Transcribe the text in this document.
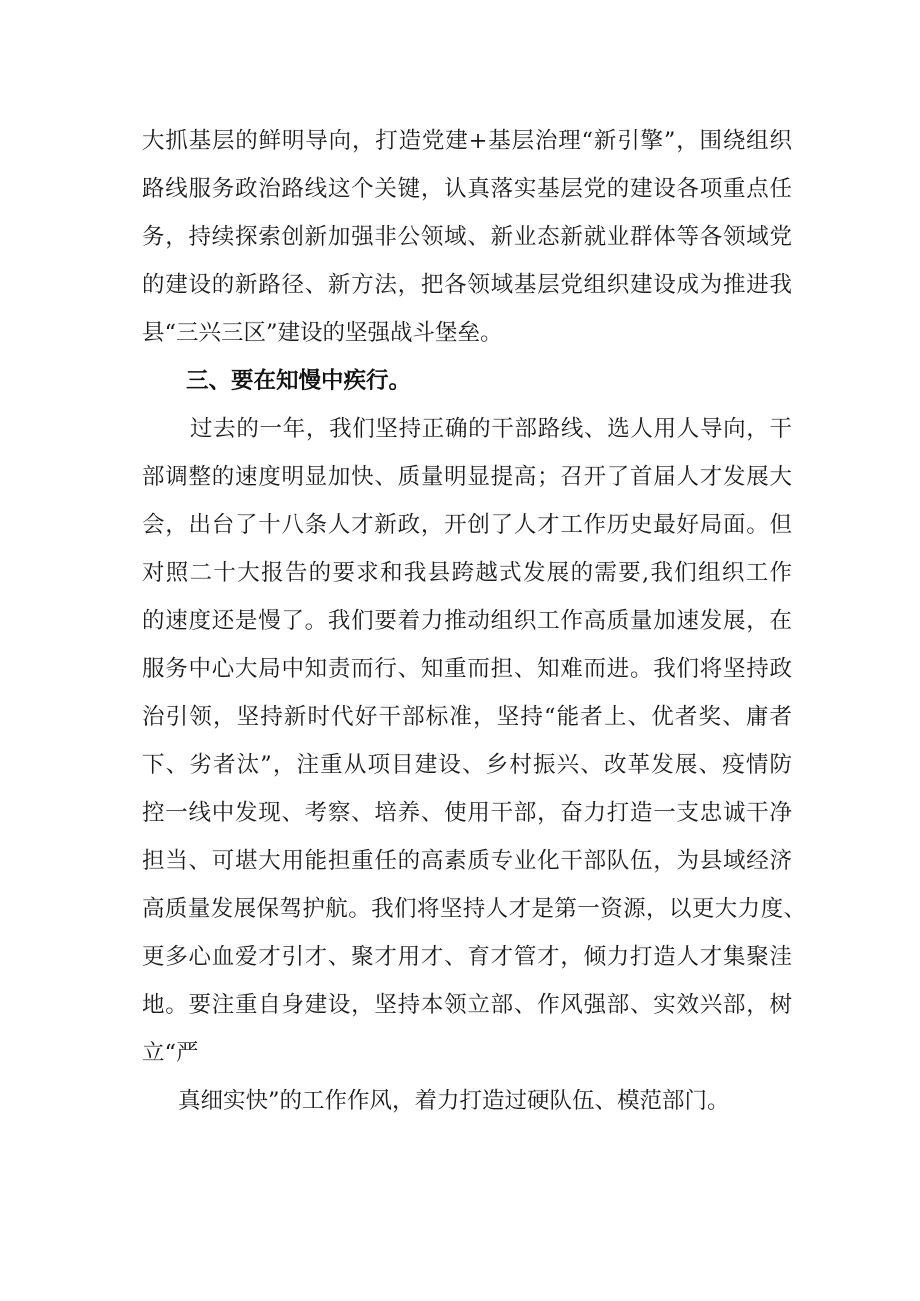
大抓基层的鲜明导向，打造党建+基层治理“新引擎”，围绕组织
路线服务政治路线这个关键，认真落实基层党的建设各项重点任
务，持续探索创新加强非公领域、新业态新就业群体等各领域党
的建设的新路径、新方法，把各领域基层党组织建设成为推进我
县“三兴三区”建设的坚强战斗堡垒。
三、要在知慢中疾行。
过去的一年，我们坚持正确的干部路线、选人用人导向，干
部调整的速度明显加快、质量明显提高；召开了首届人才发展大
会，出台了十八条人才新政，开创了人才工作历史最好局面。但
对照二十大报告的要求和我县跨越式发展的需要,我们组织工作
的速度还是慢了。我们要着力推动组织工作高质量加速发展，在
服务中心大局中知责而行、知重而担、知难而进。我们将坚持政
治引领，坚持新时代好干部标准，坚持“能者上、优者奖、庸者
下、劣者汰”，注重从项目建设、乡村振兴、改革发展、疫情防
控一线中发现、考察、培养、使用干部，奋力打造一支忠诚干净
担当、可堪大用能担重任的高素质专业化干部队伍，为县域经济
高质量发展保驾护航。我们将坚持人才是第一资源，以更大力度、
更多心血爱才引才、聚才用才、育才管才，倾力打造人才集聚洼
地。要注重自身建设，坚持本领立部、作风强部、实效兴部，树
立“严
真细实快”的工作作风，着力打造过硬队伍、模范部门。
